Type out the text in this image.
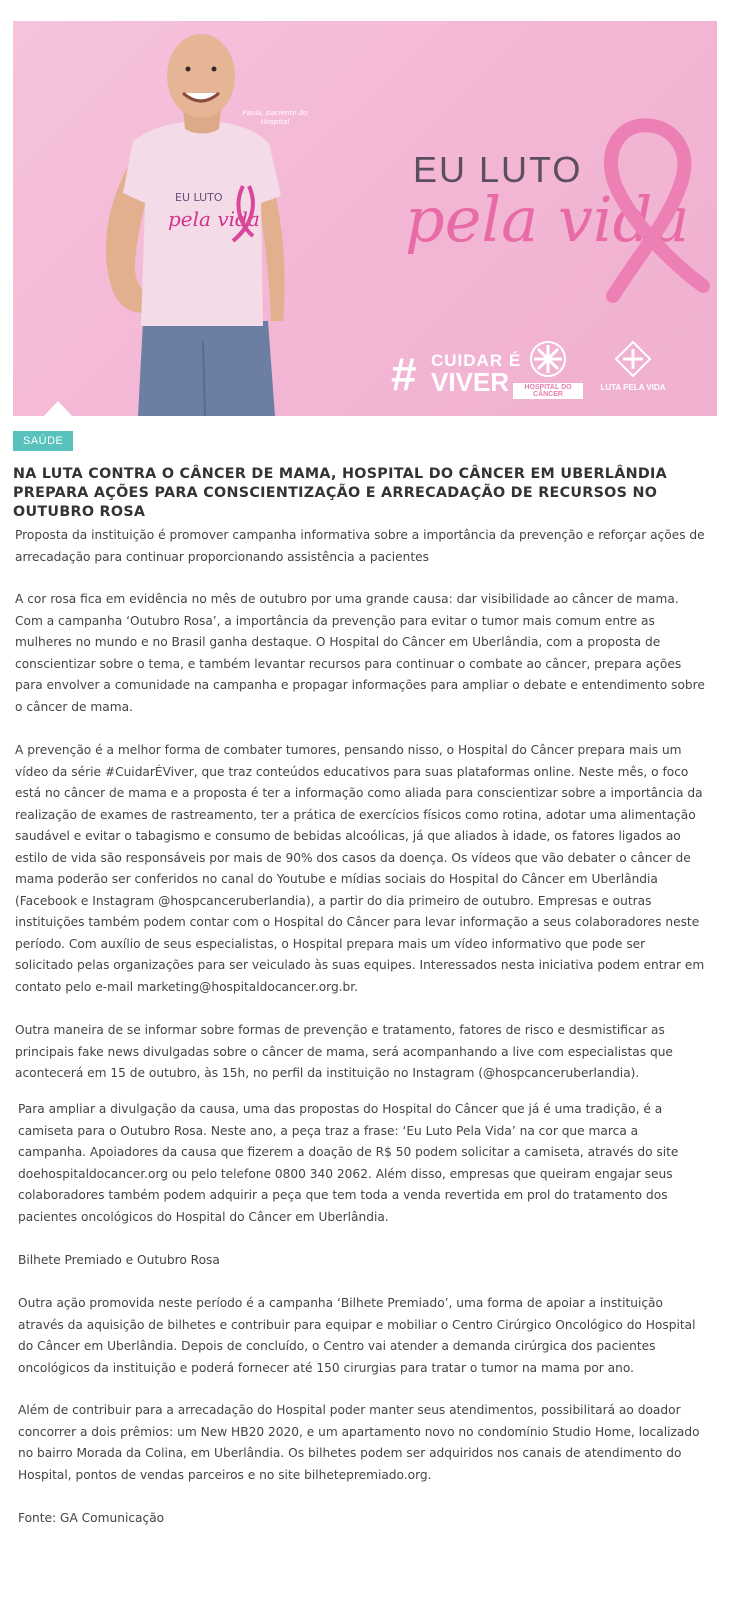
EU LUTO
pela vida
Paula, paciente do Hospital
EU LUTO
pela vida
# CUIDAR É
VIVER	HOSPITAL DO CÂNCER
LUTA PELA VIDA
SAÚDE
NA LUTA CONTRA O CÂNCER DE MAMA, HOSPITAL DO CÂNCER EM UBERLÂNDIA PREPARA AÇÕES PARA CONSCIENTIZAÇÃO E ARRECADAÇÃO DE RECURSOS NO OUTUBRO ROSA

Proposta da instituição é promover campanha informativa sobre a importância da prevenção e reforçar ações de arrecadação para continuar proporcionando assistência a pacientes

A cor rosa fica em evidência no mês de outubro por uma grande causa: dar visibilidade ao câncer de mama. Com a campanha ‘Outubro Rosa’, a importância da prevenção para evitar o tumor mais comum entre as mulheres no mundo e no Brasil ganha destaque. O Hospital do Câncer em Uberlândia, com a proposta de conscientizar sobre o tema, e também levantar recursos para continuar o combate ao câncer, prepara ações para envolver a comunidade na campanha e propagar informações para ampliar o debate e entendimento sobre o câncer de mama.

A prevenção é a melhor forma de combater tumores, pensando nisso, o Hospital do Câncer prepara mais um vídeo da série #CuidarÉViver, que traz conteúdos educativos para suas plataformas online. Neste mês, o foco está no câncer de mama e a proposta é ter a informação como aliada para conscientizar sobre a importância da realização de exames de rastreamento, ter a prática de exercícios físicos como rotina, adotar uma alimentação saudável e evitar o tabagismo e consumo de bebidas alcoólicas, já que aliados à idade, os fatores ligados ao estilo de vida são responsáveis por mais de 90% dos casos da doença. Os vídeos que vão debater o câncer de mama poderão ser conferidos no canal do Youtube e mídias sociais do Hospital do Câncer em Uberlândia (Facebook e Instagram @hospcanceruberlandia), a partir do dia primeiro de outubro. Empresas e outras instituições também podem contar com o Hospital do Câncer para levar informação a seus colaboradores neste período. Com auxílio de seus especialistas, o Hospital prepara mais um vídeo informativo que pode ser solicitado pelas organizações para ser veiculado às suas equipes. Interessados nesta iniciativa podem entrar em contato pelo e-mail marketing@hospitaldocancer.org.br.

Outra maneira de se informar sobre formas de prevenção e tratamento, fatores de risco e desmistificar as principais fake news divulgadas sobre o câncer de mama, será acompanhando a live com especialistas que acontecerá em 15 de outubro, às 15h, no perfil da instituição no Instagram (@hospcanceruberlandia).

Para ampliar a divulgação da causa, uma das propostas do Hospital do Câncer que já é uma tradição, é a camiseta para o Outubro Rosa. Neste ano, a peça traz a frase: ‘Eu Luto Pela Vida’ na cor que marca a campanha. Apoiadores da causa que fizerem a doação de R$ 50 podem solicitar a camiseta, através do site doehospitaldocancer.org ou pelo telefone 0800 340 2062. Além disso, empresas que queiram engajar seus colaboradores também podem adquirir a peça que tem toda a venda revertida em prol do tratamento dos pacientes oncológicos do Hospital do Câncer em Uberlândia.

Bilhete Premiado e Outubro Rosa

Outra ação promovida neste período é a campanha ‘Bilhete Premiado’, uma forma de apoiar a instituição através da aquisição de bilhetes e contribuir para equipar e mobiliar o Centro Cirúrgico Oncológico do Hospital do Câncer em Uberlândia. Depois de concluído, o Centro vai atender a demanda cirúrgica dos pacientes oncológicos da instituição e poderá fornecer até 150 cirurgias para tratar o tumor na mama por ano.

Além de contribuir para a arrecadação do Hospital poder manter seus atendimentos, possibilitará ao doador concorrer a dois prêmios: um New HB20 2020, e um apartamento novo no condomínio Studio Home, localizado no bairro Morada da Colina, em Uberlândia. Os bilhetes podem ser adquiridos nos canais de atendimento do Hospital, pontos de vendas parceiros e no site bilhetepremiado.org.

Fonte: GA Comunicação
